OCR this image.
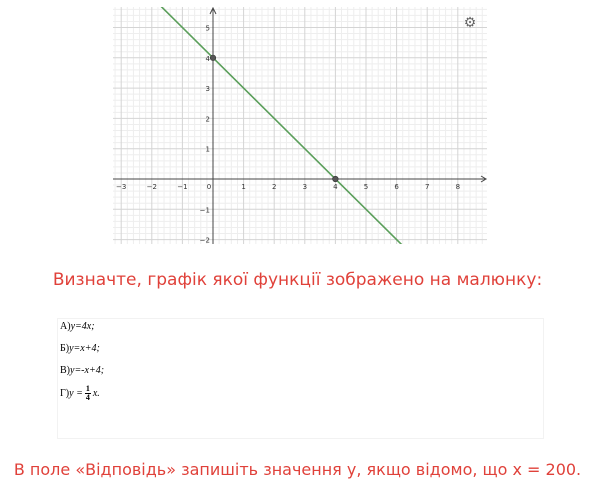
−3	−2	−1	0	1	2	3	4	5	6	7	8
−2
−1
1
2
3
4
5	⚙
Визначте, графік якої функції зображено на малюнку:
А)y=4x;
Б)y=x+4;
В)y=-x+4;
$Г)y = \frac{1}{4} x$.
В поле «Відповідь» запишіть значення y, якщо відомо, що x = 200.
